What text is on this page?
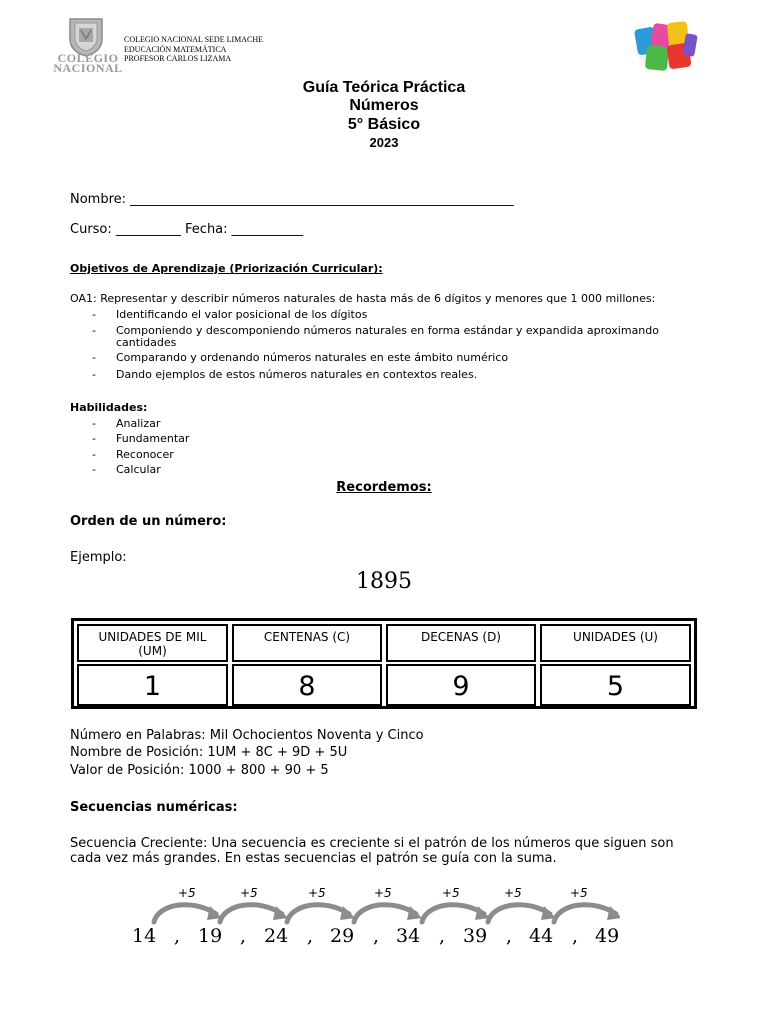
COLEGIO
NACIONAL
COLEGIO NACIONAL SEDE LIMACHE
EDUCACIÓN MATEMÁTICA
PROFESOR CARLOS LIZAMA
Guía Teórica Práctica
Números
5° Básico
2023
Nombre: ___________________________________________________________
Curso: __________ Fecha: ___________
Objetivos de Aprendizaje (Priorización Curricular):
OA1: Representar y describir números naturales de hasta más de 6 dígitos y menores que 1 000 millones:
- Identificando el valor posicional de los dígitos
- Componiendo y descomponiendo números naturales en forma estándar y expandida aproximando
cantidades
- Comparando y ordenando números naturales en este ámbito numérico
- Dando ejemplos de estos números naturales en contextos reales.
Habilidades:
- Analizar
- Fundamentar
- Reconocer
- Calcular
Recordemos:
Orden de un número:
Ejemplo:
1895
UNIDADES DE MIL
(UM)
CENTENAS (C)	DECENAS (D)	UNIDADES (U)
1	8	9	5
Número en Palabras: Mil Ochocientos Noventa y Cinco
Nombre de Posición: 1UM + 8C + 9D + 5U
Valor de Posición: 1000 + 800 + 90 + 5
Secuencias numéricas:
Secuencia Creciente: Una secuencia es creciente si el patrón de los números que siguen son
cada vez más grandes. En estas secuencias el patrón se guía con la suma.
+5	+5	+5	+5	+5	+5	+5
14 , 19 , 24 , 29 , 34 , 39 , 44 , 49
